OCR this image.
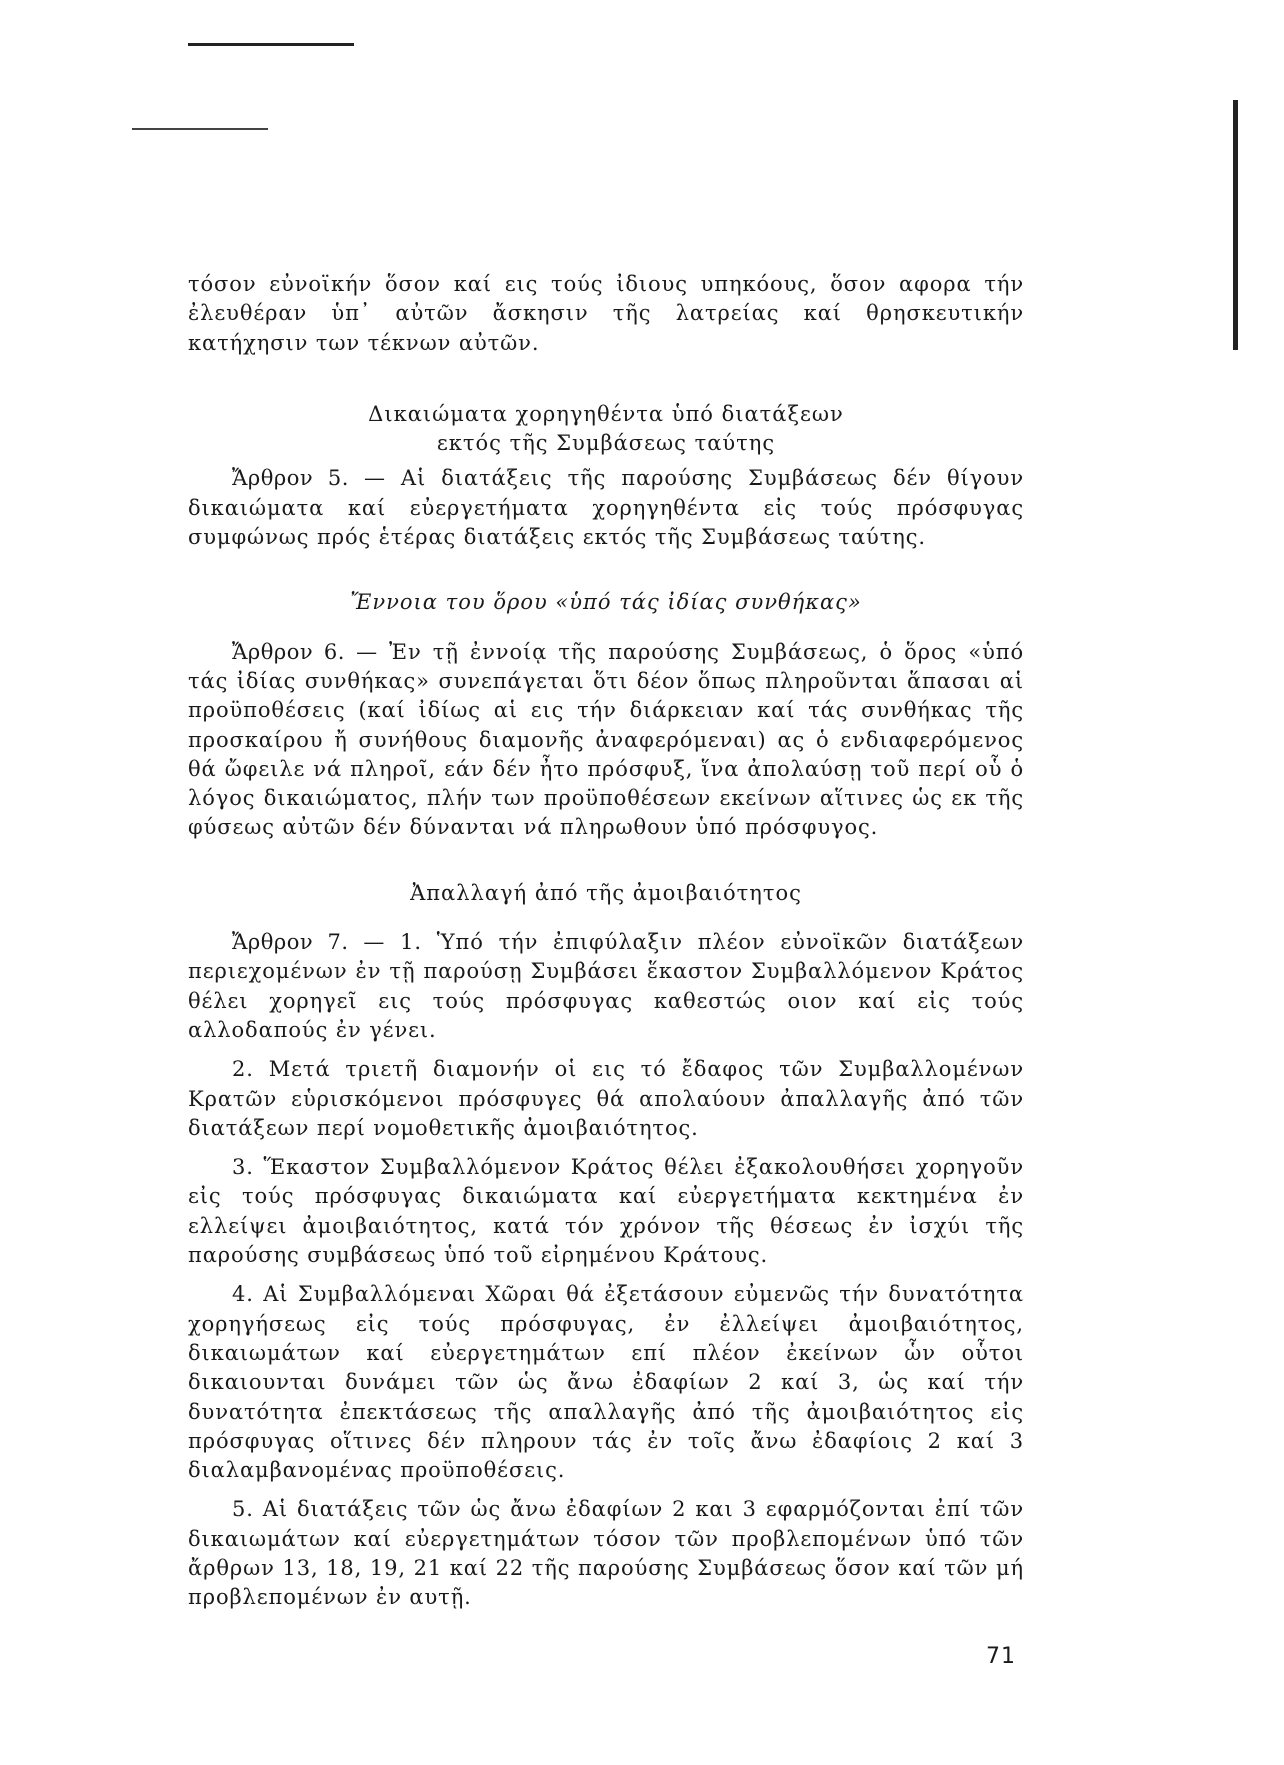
τόσον εὐνοϊκήν ὅσον καί εις τούς ἰδιους υπηκόους, ὅσον αφορα τήν ἐλευθέραν ὑπ᾿ αὐτῶν ἄσκησιν τῆς λατρείας καί θρησκευτικήν κατήχησιν των τέκνων αὐτῶν.

Δικαιώματα χορηγηθέντα ὑπό διατάξεων
εκτός τῆς Συμβάσεως ταύτης

Ἄρθρον 5. — Αἱ διατάξεις τῆς παρούσης Συμβάσεως δέν θίγουν δικαιώματα καί εὐεργετήματα χορηγηθέντα εἰς τούς πρόσφυγας συμφώνως πρός ἑτέρας διατάξεις εκτός τῆς Συμβάσεως ταύτης.

Ἔννοια του ὅρου «ὑπό τάς ἰδίας συνθήκας»

Ἄρθρον 6. — Ἐν τῇ ἐννοίᾳ τῆς παρούσης Συμβάσεως, ὁ ὅρος «ὑπό τάς ἰδίας συνθήκας» συνεπάγεται ὅτι δέον ὅπως πληροῦνται ἅπασαι αἱ προϋποθέσεις (καί ἰδίως αἱ εις τήν διάρκειαν καί τάς συνθήκας τῆς προσκαίρου ἤ συνήθους διαμονῆς ἀναφερόμεναι) ας ὁ ενδιαφερόμενος θά ὤφειλε νά πληροῖ, εάν δέν ἦτο πρόσφυξ, ἵνα ἀπολαύσῃ τοῦ περί οὗ ὁ λόγος δικαιώματος, πλήν των προϋποθέσεων εκείνων αἵτινες ὡς εκ τῆς φύσεως αὐτῶν δέν δύνανται νά πληρωθουν ὑπό πρόσφυγος.

Ἀπαλλαγή ἀπό τῆς ἀμοιβαιότητος

Ἄρθρον 7. — 1. Ὑπό τήν ἐπιφύλαξιν πλέον εὐνοϊκῶν διατάξεων περιεχομένων ἐν τῇ παρούσῃ Συμβάσει ἕκαστον Συμβαλλόμενον Κράτος θέλει χορηγεῖ εις τούς πρόσφυγας καθεστώς οιον καί εἰς τούς αλλοδαπούς ἐν γένει.

2. Μετά τριετῆ διαμονήν οἱ εις τό ἔδαφος τῶν Συμβαλλομένων Κρατῶν εὑρισκόμενοι πρόσφυγες θά απολαύουν ἀπαλλαγῆς ἀπό τῶν διατάξεων περί νομοθετικῆς ἀμοιβαιότητος.

3. Ἕκαστον Συμβαλλόμενον Κράτος θέλει ἐξακολουθήσει χορηγοῦν εἰς τούς πρόσφυγας δικαιώματα καί εὐεργετήματα κεκτημένα ἐν ελλείψει ἀμοιβαιότητος, κατά τόν χρόνον τῆς θέσεως ἐν ἰσχύι τῆς παρούσης συμβάσεως ὑπό τοῦ εἰρημένου Κράτους.

4. Αἱ Συμβαλλόμεναι Χῶραι θά ἐξετάσουν εὐμενῶς τήν δυνατότητα χορηγήσεως εἰς τούς πρόσφυγας, ἐν ἐλλείψει ἀμοιβαιότητος, δικαιωμάτων καί εὐεργετημάτων επί πλέον ἐκείνων ὧν οὗτοι δικαιουνται δυνάμει τῶν ὡς ἄνω ἐδαφίων 2 καί 3, ὡς καί τήν δυνατότητα ἐπεκτάσεως τῆς απαλλαγῆς ἀπό τῆς ἀμοιβαιότητος εἰς πρόσφυγας οἵτινες δέν πληρουν τάς ἐν τοῖς ἄνω ἐδαφίοις 2 καί 3 διαλαμβανομένας προϋποθέσεις.

5. Αἱ διατάξεις τῶν ὡς ἄνω ἐδαφίων 2 και 3 εφαρμόζονται ἐπί τῶν δικαιωμάτων καί εὐεργετημάτων τόσον τῶν προβλεπομένων ὑπό τῶν ἄρθρων 13, 18, 19, 21 καί 22 τῆς παρούσης Συμβάσεως ὅσον καί τῶν μή προβλεπομένων ἐν αυτῇ.

71
